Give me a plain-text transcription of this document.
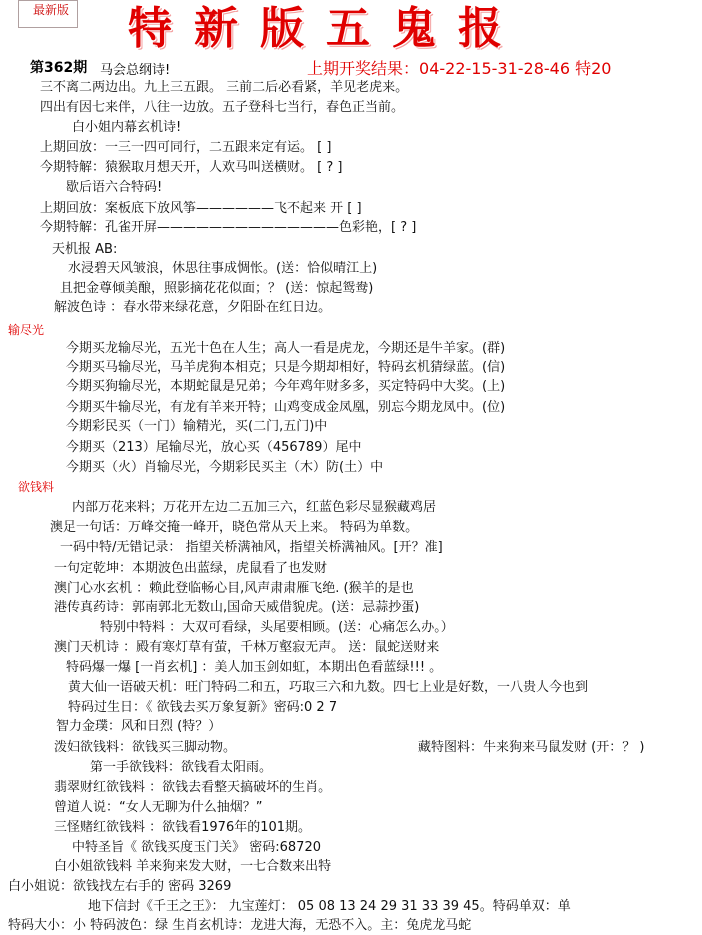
最新版 特新版五鬼报
第362期 马会总纲诗!	上期开奖结果：04-22-15-31-28-46 特20
输尽光
欲钱料
三不离二两边出。九上三五跟。 三前二后必看紧，羊见老虎来。
四出有因七来伴，八往一边放。五子登科七当行，春色正当前。
白小姐内幕玄机诗!
上期回放：一三一四可同行，二五跟来定有运。 [ ]
今期特解：猿猴取月想天开，人欢马叫送横财。 [ ? ]
歇后语六合特码!
上期回放：案板底下放风筝——————飞不起来 开 [ ]
今期特解：孔雀开屏——————————————色彩艳，[ ? ]
天机报 AB:
水浸碧天风皱浪，休思往事成惆怅。(送：恰似晴江上)
且把金尊倾美酿，照影摘花花似面；？ (送：惊起鸳鸯)
解波色诗 ：春水带来绿花意，夕阳卧在红日边。
今期买龙输尽光，五光十色在人生；高人一看是虎龙，今期还是牛羊家。(群)
今期买马输尽光，马羊虎狗本相克；只是今期却相好，特码玄机猜绿蓝。(信)
今期买狗输尽光，本期蛇鼠是兄弟；今年鸡年财多多，买定特码中大奖。(上)
今期买牛输尽光，有龙有羊来开特；山鸡变成金凤凰，别忘今期龙凤中。(位)
今期彩民买（一门）输精光，买(二门,五门)中
今期买（213）尾输尽光，放心买（456789）尾中
今期买（火）肖输尽光，今期彩民买主（木）防(土）中
内部万花来料；万花开左边二五加三六，红蓝色彩尽显猴藏鸡居
澳足一句话：万峰交掩一峰开，晓色常从天上来。 特码为单数。
一码中特/无错记录： 指望关桥满袖风，指望关桥满袖风。[开？准]
一句定乾坤：本期波色出蓝绿，虎鼠看了也发财
澳门心水玄机 ：赖此登临畅心目,风声肃肃雁飞绝. (猴羊的是也
港传真药诗：郭南郭北无数山,国命天威借貌虎。(送：忌蒜抄蛋)
特别中特料 ：大双可看绿，头尾要相顾。(送：心痛怎么办。）
澳门天机诗 ：殿有寒灯草有萤，千林万壑寂无声。 送：鼠蛇送财来
特码爆一爆 [一肖玄机] ：美人加玉剑如虹，本期出色看蓝绿!!! 。
黄大仙一语破天机：旺门特码二和五，巧取三六和九数。四七上业是好数，一八贵人今也到
特码过生日：《 欲钱去买万象复新》密码:0 2 7
智力金璞：风和日烈 (特？）
泼妇欲钱料：欲钱买三脚动物。	藏特图料：牛来狗来马鼠发财 (开：？ )
第一手欲钱料：欲钱看太阳雨。
翡翠财红欲钱料 ：欲钱去看整天搞破坏的生肖。
曾道人说：“女人无聊为什么抽烟？”
三怪赌红欲钱料 ：欲钱看1976年的101期。
中特圣旨《 欲钱买度玉门关》 密码:68720
白小姐欲钱料 羊来狗来发大财，一七合数来出特
白小姐说：欲钱找左右手的 密码 3269
地下信封《千王之王》： 九宝莲灯： 05 08 13 24 29 31 33 39 45。特码单双：单
特码大小：小 特码波色：绿 生肖玄机诗：龙进大海，无恐不入。主：兔虎龙马蛇
